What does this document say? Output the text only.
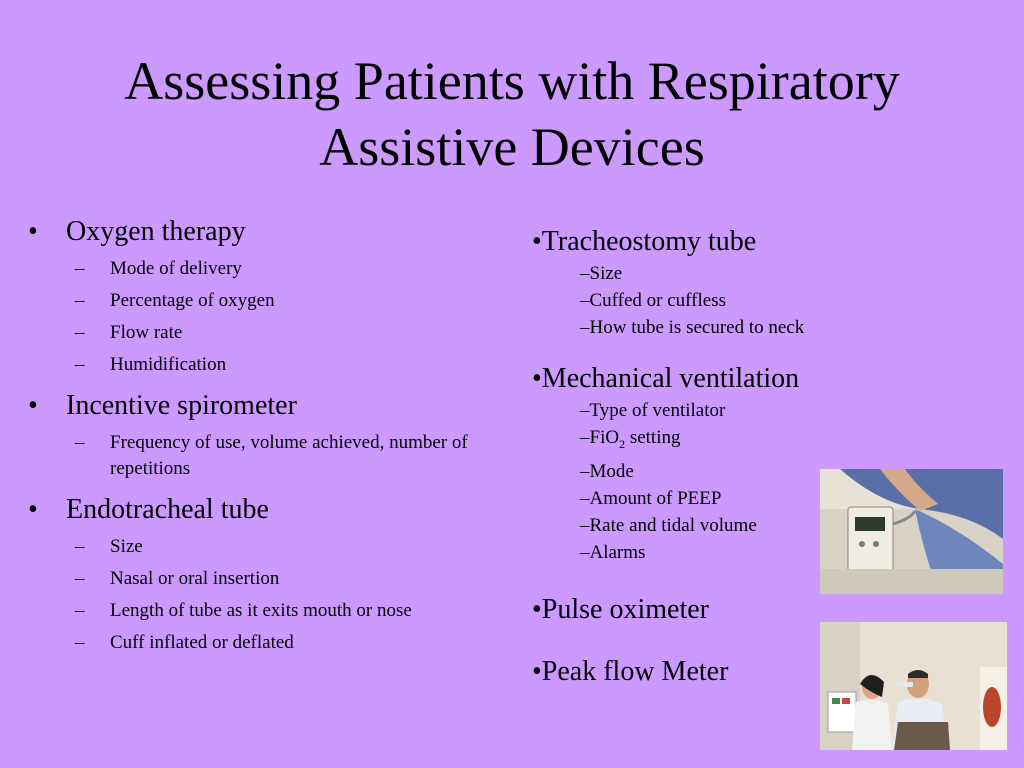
Assessing Patients with Respiratory
Assistive Devices
• Oxygen therapy
– Mode of delivery
– Percentage of oxygen
– Flow rate
– Humidification
• Incentive spirometer
– Frequency of use, volume achieved, number of repetitions
• Endotracheal tube
– Size
– Nasal or oral insertion
– Length of tube as it exits mouth or nose
– Cuff inflated or deflated
•Tracheostomy tube
–Size
–Cuffed or cuffless
–How tube is secured to neck
•Mechanical ventilation
–Type of ventilator
–FiO$_2$ setting
–Mode
–Amount of PEEP
–Rate and tidal volume
–Alarms
•Pulse oximeter
•Peak flow Meter
